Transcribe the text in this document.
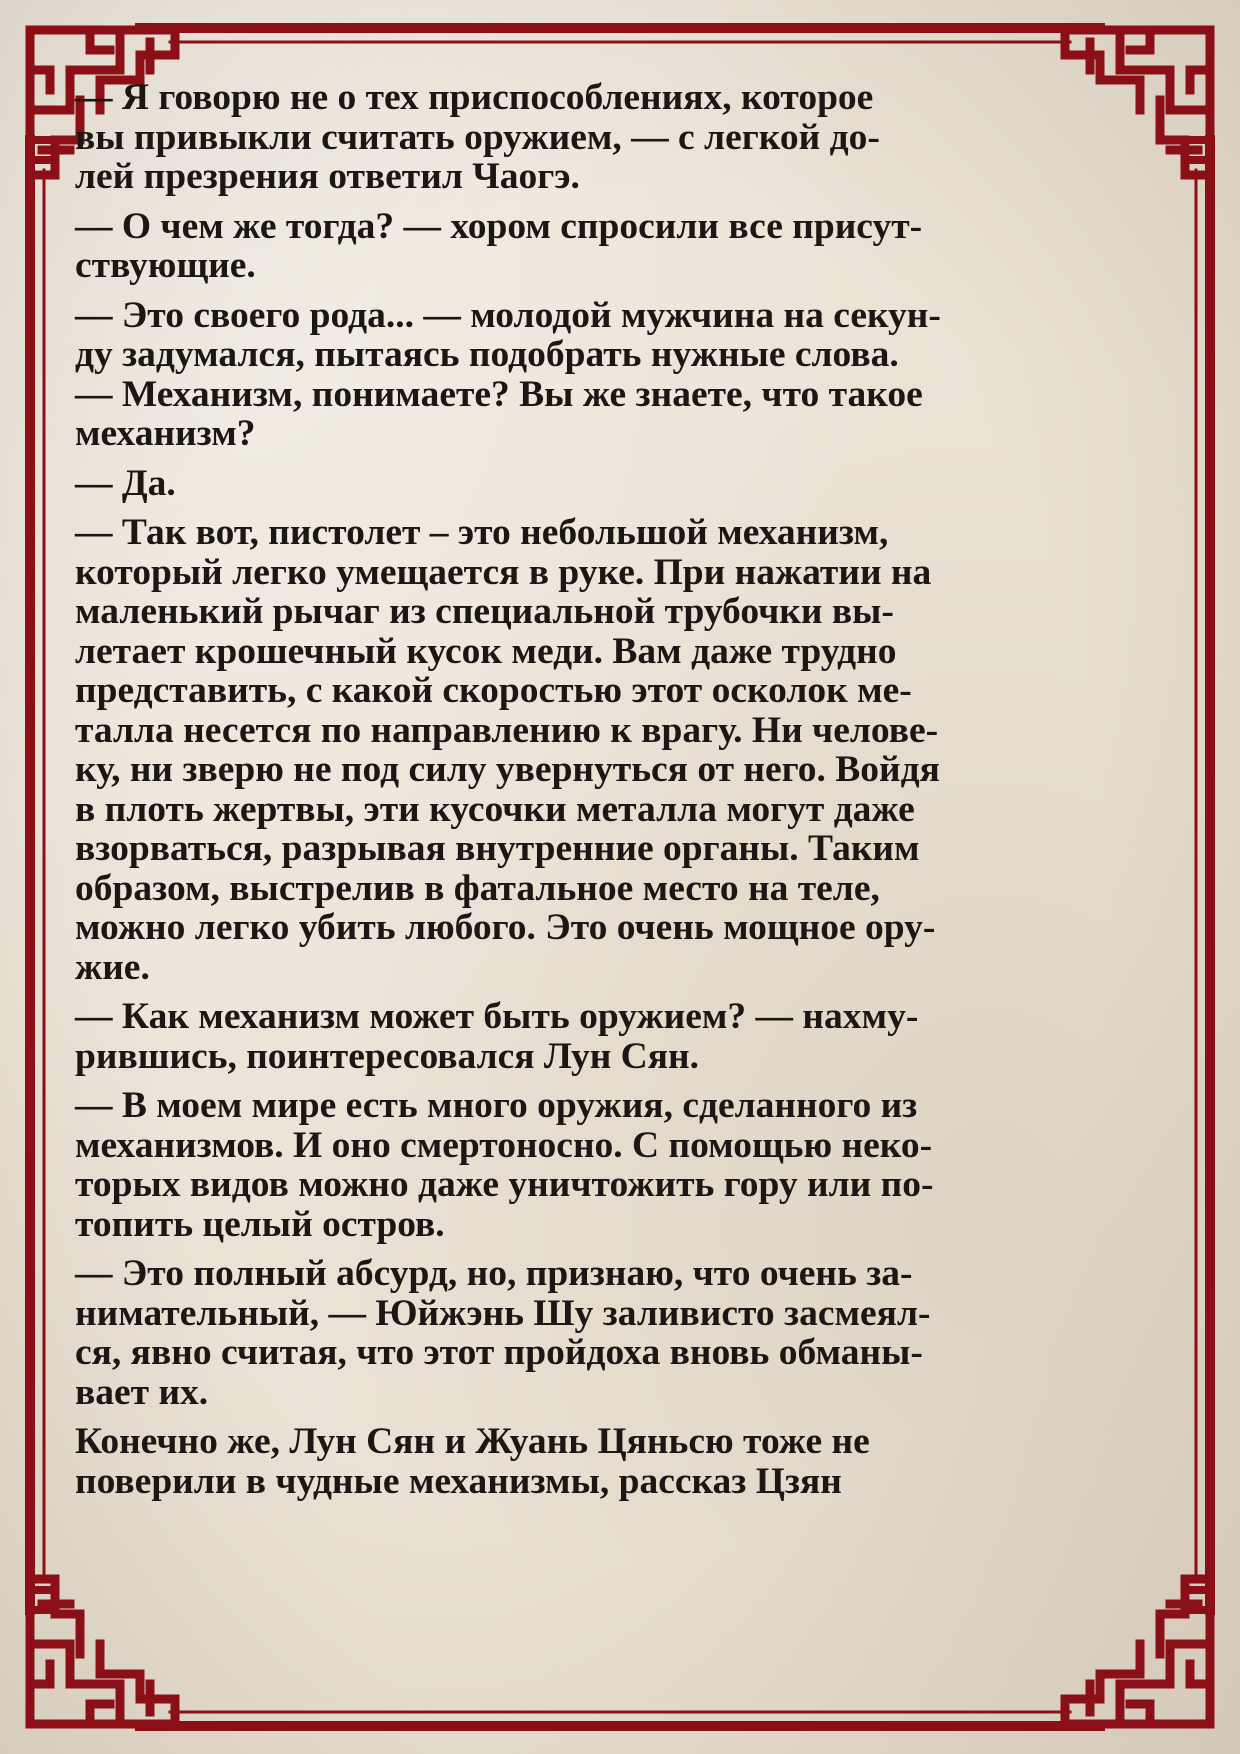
— Я говорю не о тех приспособлениях, которое
вы привыкли считать оружием, — с легкой до-
лей презрения ответил Чаогэ.

— О чем же тогда? — хором спросили все присут-
ствующие.

— Это своего рода... — молодой мужчина на секун-
ду задумался, пытаясь подобрать нужные слова.
— Механизм, понимаете? Вы же знаете, что такое
механизм?

— Да.

— Так вот, пистолет – это небольшой механизм,
который легко умещается в руке. При нажатии на
маленький рычаг из специальной трубочки вы-
летает крошечный кусок меди. Вам даже трудно
представить, с какой скоростью этот осколок ме-
талла несется по направлению к врагу. Ни челове-
ку, ни зверю не под силу увернуться от него. Войдя
в плоть жертвы, эти кусочки металла могут даже
взорваться, разрывая внутренние органы. Таким
образом, выстрелив в фатальное место на теле,
можно легко убить любого. Это очень мощное ору-
жие.

— Как механизм может быть оружием? — нахму-
рившись, поинтересовался Лун Сян.

— В моем мире есть много оружия, сделанного из
механизмов. И оно смертоносно. С помощью неко-
торых видов можно даже уничтожить гору или по-
топить целый остров.

— Это полный абсурд, но, признаю, что очень за-
нимательный, — Юйжэнь Шу заливисто засмеял-
ся, явно считая, что этот пройдоха вновь обманы-
вает их.

Конечно же, Лун Сян и Жуань Цяньсю тоже не
поверили в чудные механизмы, рассказ Цзян
